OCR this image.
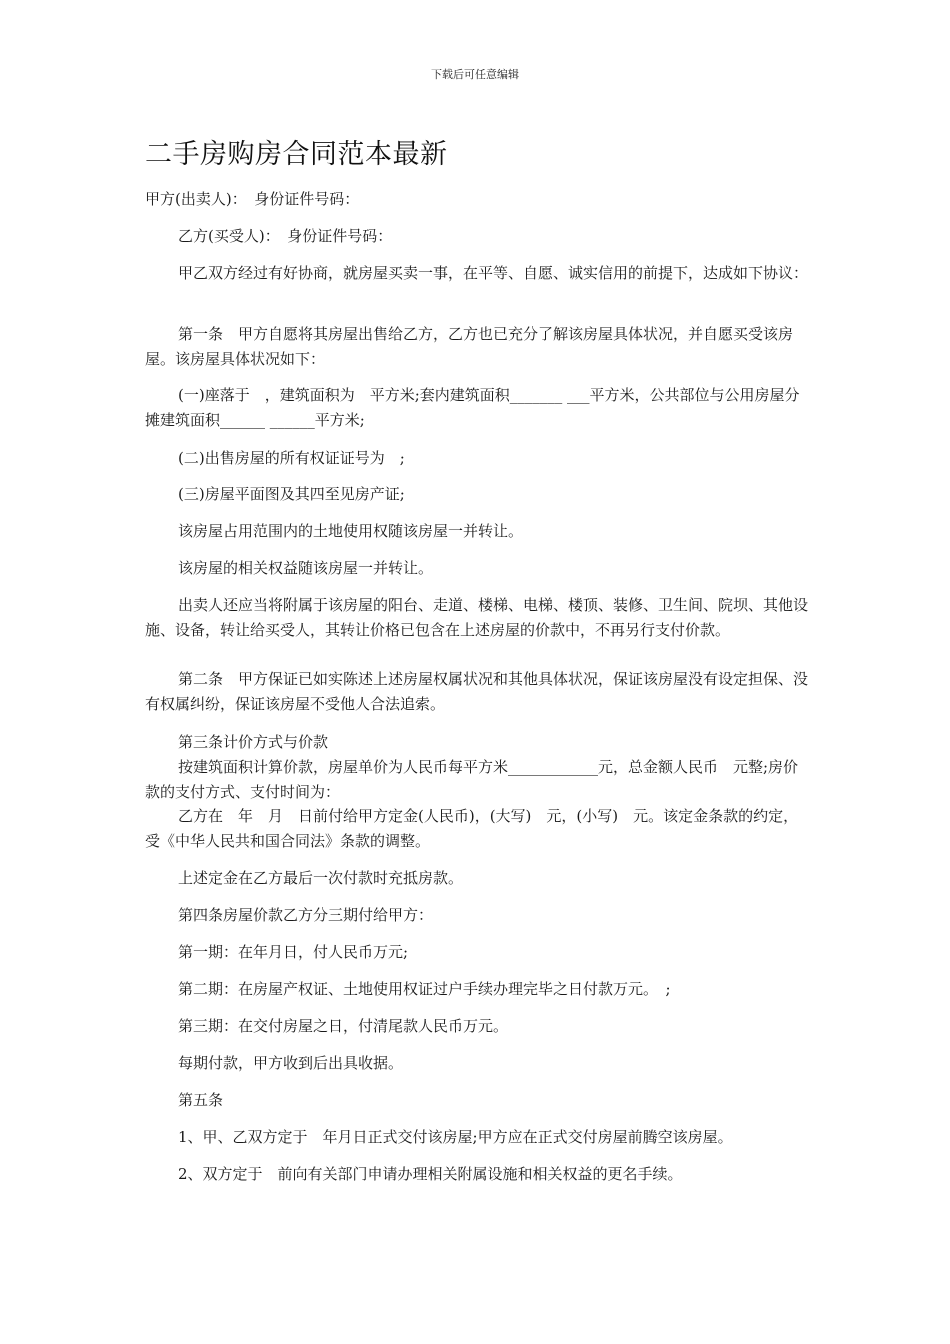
下载后可任意编辑
二手房购房合同范本最新

甲方(出卖人)：　身份证件号码：

乙方(买受人)：　身份证件号码：

甲乙双方经过有好协商，就房屋买卖一事，在平等、自愿、诚实信用的前提下，达成如下协议：

第一条　甲方自愿将其房屋出售给乙方，乙方也已充分了解该房屋具体状况，并自愿买受该房屋。该房屋具体状况如下：

(一)座落于　，建筑面积为　平方米;套内建筑面积_______ ___平方米，公共部位与公用房屋分摊建筑面积______ ______平方米;

(二)出售房屋的所有权证证号为　;

(三)房屋平面图及其四至见房产证;

该房屋占用范围内的土地使用权随该房屋一并转让。

该房屋的相关权益随该房屋一并转让。

出卖人还应当将附属于该房屋的阳台、走道、楼梯、电梯、楼顶、装修、卫生间、院坝、其他设施、设备，转让给买受人，其转让价格已包含在上述房屋的价款中，不再另行支付价款。

第二条　甲方保证已如实陈述上述房屋权属状况和其他具体状况，保证该房屋没有设定担保、没有权属纠纷，保证该房屋不受他人合法追索。

第三条计价方式与价款

按建筑面积计算价款，房屋单价为人民币每平方米____________元，总金额人民币　元整;房价款的支付方式、支付时间为：

乙方在　年　月　日前付给甲方定金(人民币)，(大写)　元，(小写)　元。该定金条款的约定，受《中华人民共和国合同法》条款的调整。

上述定金在乙方最后一次付款时充抵房款。

第四条房屋价款乙方分三期付给甲方：

第一期：在年月日，付人民币万元;

第二期：在房屋产权证、土地使用权证过户手续办理完毕之日付款万元。　;

第三期：在交付房屋之日，付清尾款人民币万元。

每期付款，甲方收到后出具收据。

第五条

1、甲、乙双方定于　年月日正式交付该房屋;甲方应在正式交付房屋前腾空该房屋。

2、双方定于　前向有关部门申请办理相关附属设施和相关权益的更名手续。
